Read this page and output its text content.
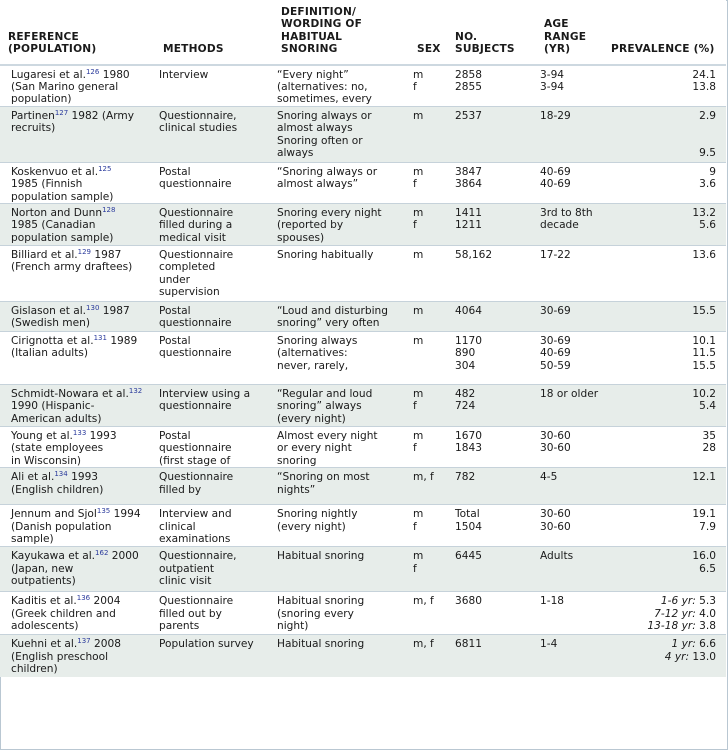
REFERENCE
(POPULATION)	METHODS	DEFINITION/
WORDING OF
HABITUAL
SNORING	SEX	NO.
SUBJECTS	AGE
RANGE
(YR)	PREVALENCE (%)
Lugaresi et al.$^{126}$ 1980
(San Marino general
population)	Interview	“Every night”
(alternatives: no,
sometimes, every	m
f	2858
2855	3-94
3-94	24.1
13.8

Partinen$^{127}$ 1982 (Army
recruits)	Questionnaire,
clinical studies	Snoring always or
almost always
Snoring often or
always	m	2537	18-29	2.9

9.5

Koskenvuo et al.$^{125}$
1985 (Finnish
population sample)	Postal
questionnaire	“Snoring always or
almost always”	m
f	3847
3864	40-69
40-69	9
3.6

Norton and Dunn$^{128}$
1985 (Canadian
population sample)	Questionnaire
filled during a
medical visit	Snoring every night
(reported by
spouses)	m
f	1411
1211	3rd to 8th
decade	13.2
5.6

Billiard et al.$^{129}$ 1987
(French army draftees)	Questionnaire
completed
under
supervision	Snoring habitually	m	58,162	17-22	13.6

Gislason et al.$^{130}$ 1987
(Swedish men)	Postal
questionnaire	“Loud and disturbing
snoring” very often	m	4064	30-69	15.5

Cirignotta et al.$^{131}$ 1989
(Italian adults)	Postal
questionnaire	Snoring always
(alternatives:
never, rarely,	m	1170
890
304	30-69
40-69
50-59	10.1
11.5
15.5

Schmidt-Nowara et al.$^{132}$
1990 (Hispanic-
American adults)	Interview using a
questionnaire	“Regular and loud
snoring” always
(every night)	m
f	482
724	18 or older	10.2
5.4

Young et al.$^{133}$ 1993
(state employees
in Wisconsin)	Postal
questionnaire
(first stage of	Almost every night
or every night
snoring	m
f	1670
1843	30-60
30-60	35
28

Ali et al.$^{134}$ 1993
(English children)	Questionnaire
filled by	“Snoring on most
nights”	m, f	782	4-5	12.1

Jennum and Sjol$^{135}$ 1994
(Danish population
sample)	Interview and
clinical
examinations	Snoring nightly
(every night)	m
f	Total
1504	30-60
30-60	19.1
7.9

Kayukawa et al.$^{162}$ 2000
(Japan, new
outpatients)	Questionnaire,
outpatient
clinic visit	Habitual snoring	m
f	6445	Adults	16.0
6.5

Kaditis et al.$^{136}$ 2004
(Greek children and
adolescents)	Questionnaire
filled out by
parents	Habitual snoring
(snoring every
night)	m, f	3680	1-18	1-6 yr: 5.3
7-12 yr: 4.0
13-18 yr: 3.8

Kuehni et al.$^{137}$ 2008
(English preschool
children)	Population survey	Habitual snoring	m, f	6811	1-4	1 yr: 6.6
4 yr: 13.0
